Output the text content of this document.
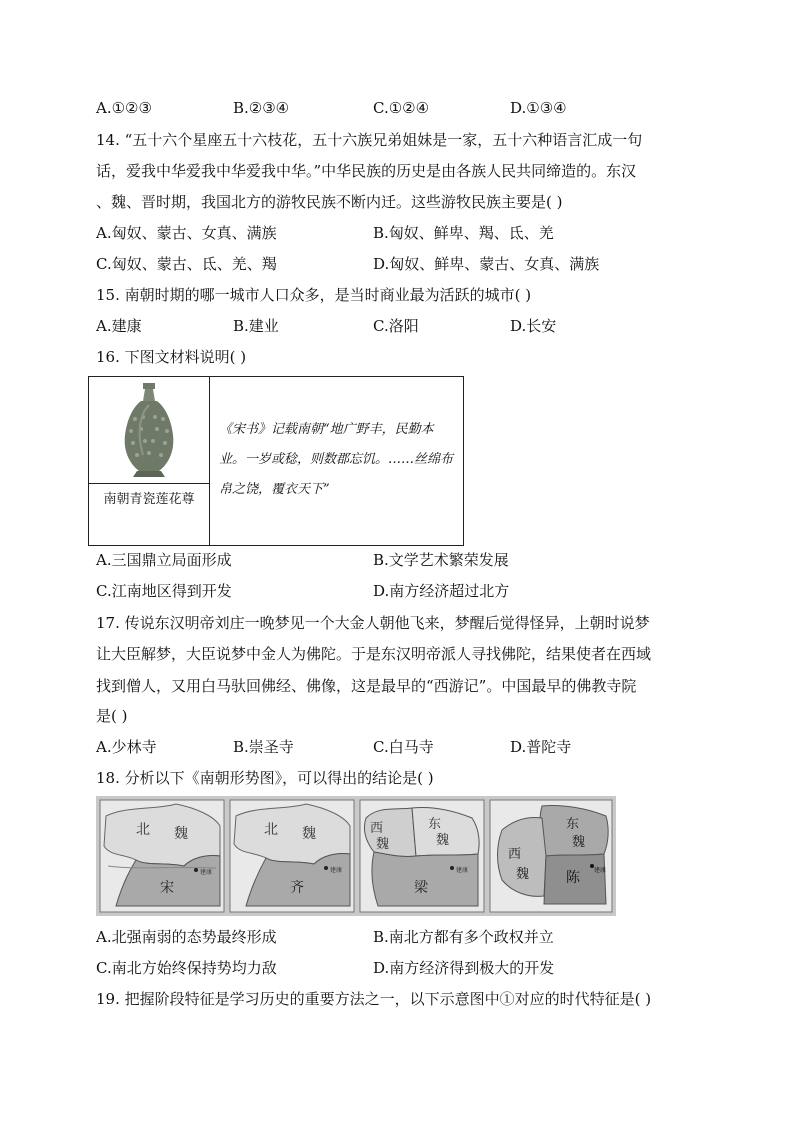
A.①②③	B.②③④	C.①②④	D.①③④
14. “五十六个星座五十六枝花，五十六族兄弟姐妹是一家，五十六种语言汇成一句
话，爱我中华爱我中华爱我中华。”中华民族的历史是由各族人民共同缔造的。东汉
、魏、晋时期，我国北方的游牧民族不断内迁。这些游牧民族主要是( )
A.匈奴、蒙古、女真、满族	B.匈奴、鲜卑、羯、氐、羌
C.匈奴、蒙古、氐、羌、羯	D.匈奴、鲜卑、蒙古、女真、满族
15. 南朝时期的哪一城市人口众多，是当时商业最为活跃的城市( )
A.建康	B.建业	C.洛阳	D.长安
16. 下图文材料说明( )
南朝青瓷莲花尊
《宋书》记载南朝“地广野丰，民勤本业。一岁或稔，则数郡忘饥。……丝绵布帛之饶，覆衣天下”
A.三国鼎立局面形成	B.文学艺术繁荣发展
C.江南地区得到开发	D.南方经济超过北方
17. 传说东汉明帝刘庄一晚梦见一个大金人朝他飞来，梦醒后觉得怪异，上朝时说梦
让大臣解梦，大臣说梦中金人为佛陀。于是东汉明帝派人寻找佛陀，结果使者在西域
找到僧人，又用白马驮回佛经、佛像，这是最早的“西游记”。中国最早的佛教寺院
是( )
A.少林寺	B.崇圣寺	C.白马寺	D.普陀寺
18. 分析以下《南朝形势图》，可以得出的结论是( )
北 魏
宋
建康
北 魏
齐
建康
西
魏
东
魏
梁
建康
东
魏
西
魏	陈 建康
A.北强南弱的态势最终形成	B.南北方都有多个政权并立
C.南北方始终保持势均力敌	D.南方经济得到极大的开发
19. 把握阶段特征是学习历史的重要方法之一，以下示意图中①对应的时代特征是( )
